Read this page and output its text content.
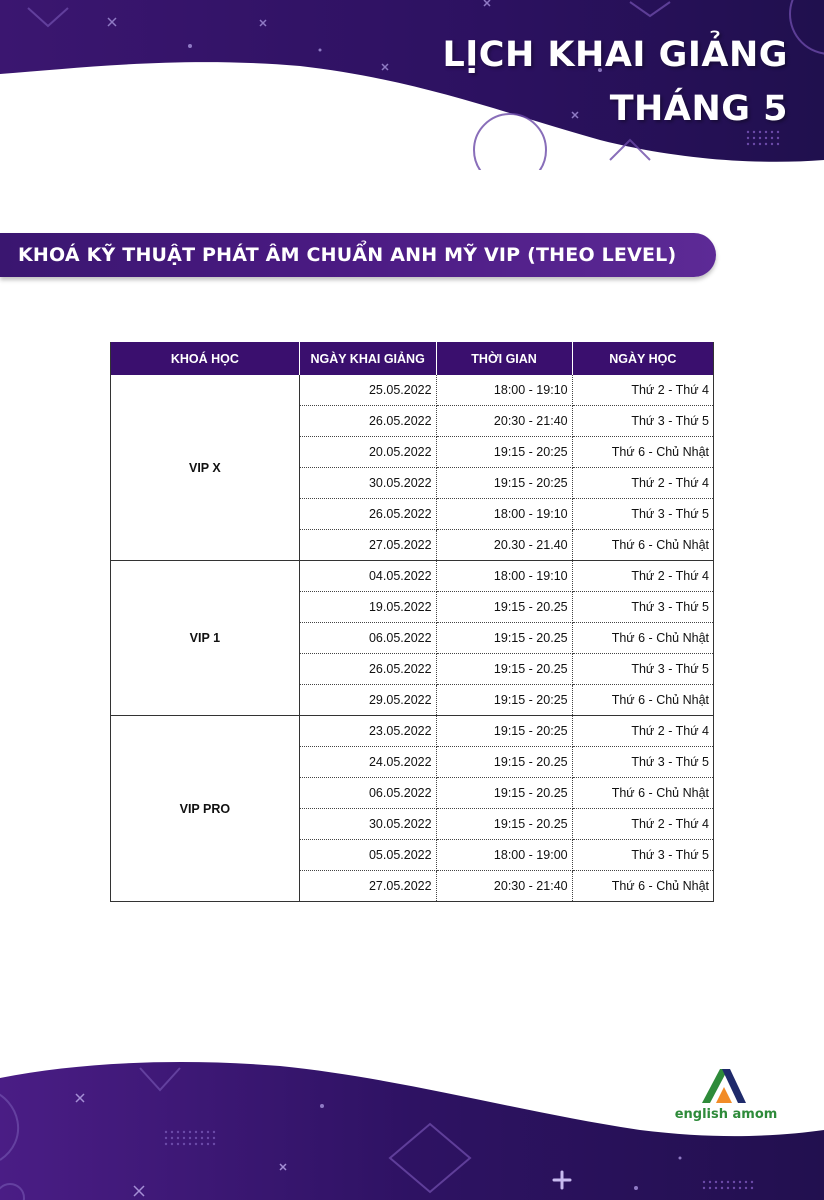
LỊCH KHAI GIẢNG
THÁNG 5
KHOÁ KỸ THUẬT PHÁT ÂM CHUẨN ANH MỸ VIP (THEO LEVEL)
KHOÁ HỌC	NGÀY KHAI GIẢNG	THỜI GIAN	NGÀY HỌC
VIP X	25.05.2022	18:00 - 19:10	Thứ 2 - Thứ 4
	26.05.2022	20:30 - 21:40	Thứ 3 - Thứ 5
	20.05.2022	19:15 - 20:25	Thứ 6 - Chủ Nhật
	30.05.2022	19:15 - 20:25	Thứ 2 - Thứ 4
	26.05.2022	18:00 - 19:10	Thứ 3 - Thứ 5
	27.05.2022	20.30 - 21.40	Thứ 6 - Chủ Nhật
VIP 1	04.05.2022	18:00 - 19:10	Thứ 2 - Thứ 4
	19.05.2022	19:15 - 20.25	Thứ 3 - Thứ 5
	06.05.2022	19:15 - 20.25	Thứ 6 - Chủ Nhật
	26.05.2022	19:15 - 20.25	Thứ 3 - Thứ 5
	29.05.2022	19:15 - 20:25	Thứ 6 - Chủ Nhật
VIP PRO	23.05.2022	19:15 - 20:25	Thứ 2 - Thứ 4
	24.05.2022	19:15 - 20.25	Thứ 3 - Thứ 5
	06.05.2022	19:15 - 20.25	Thứ 6 - Chủ Nhật
	30.05.2022	19:15 - 20.25	Thứ 2 - Thứ 4
	05.05.2022	18:00 - 19:00	Thứ 3 - Thứ 5
	27.05.2022	20:30 - 21:40	Thứ 6 - Chủ Nhật
english amom
